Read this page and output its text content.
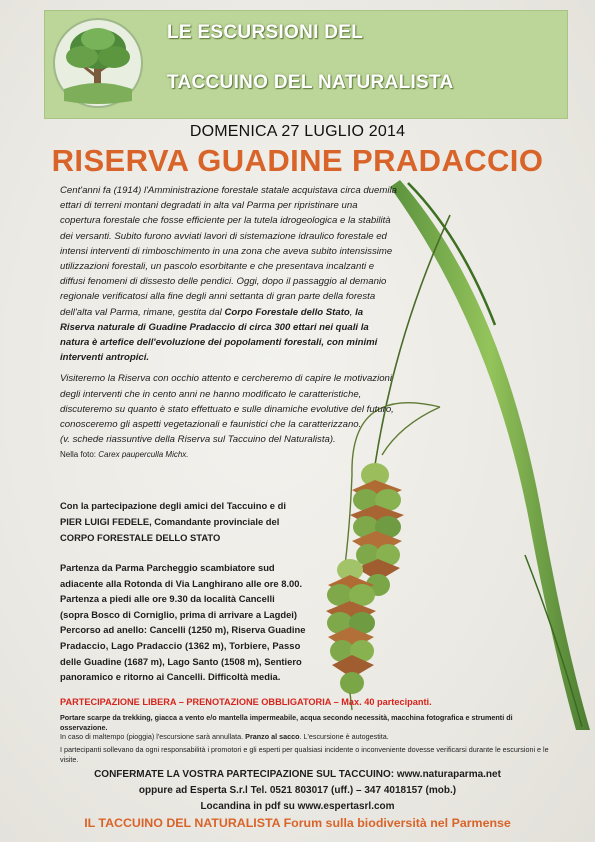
LE ESCURSIONI DEL
TACCUINO DEL NATURALISTA
DOMENICA 27 LUGLIO 2014
RISERVA GUADINE PRADACCIO

Cent'anni fa (1914) l'Amministrazione forestale statale acquistava circa duemila ettari di terreni montani degradati in alta val Parma per ripristinare una copertura forestale che fosse efficiente per la tutela idrogeologica e la stabilità dei versanti. Subito furono avviati lavori di sistemazione idraulico forestale ed intensi interventi di rimboschimento in una zona che aveva subito intensissime utilizzazioni forestali, un pascolo esorbitante e che presentava incalzanti e diffusi fenomeni di dissesto delle pendici. Oggi, dopo il passaggio al demanio regionale verificatosi alla fine degli anni settanta di gran parte della foresta dell'alta val Parma, rimane, gestita dal Corpo Forestale dello Stato, la Riserva naturale di Guadine Pradaccio di circa 300 ettari nei quali la natura è artefice dell'evoluzione dei popolamenti forestali, con minimi interventi antropici.

Visiteremo la Riserva con occhio attento e cercheremo di capire le motivazioni degli interventi che in cento anni ne hanno modificato le caratteristiche, discuteremo su quanto è stato effettuato e sulle dinamiche evolutive del futuro, conosceremo gli aspetti vegetazionali e faunistici che la caratterizzano.
(v. schede riassuntive della Riserva sul Taccuino del Naturalista).
Nella foto: Carex pauperculla Michx.

Con la partecipazione degli amici del Taccuino e di
PIER LUIGI FEDELE, Comandante provinciale del
CORPO FORESTALE DELLO STATO
Partenza da Parma Parcheggio scambiatore sud
adiacente alla Rotonda di Via Langhirano alle ore 8.00.
Partenza a piedi alle ore 9.30 da località Cancelli
(sopra Bosco di Corniglio, prima di arrivare a Lagdei)
Percorso ad anello: Cancelli (1250 m), Riserva Guadine
Pradaccio, Lago Pradaccio (1362 m), Torbiere, Passo
delle Guadine (1687 m), Lago Santo (1508 m), Sentiero
panoramico e ritorno ai Cancelli. Difficoltà media.
PARTECIPAZIONE LIBERA – PRENOTAZIONE OBBLIGATORIA – Max. 40 partecipanti.
Portare scarpe da trekking, giacca a vento e/o mantella impermeabile, acqua secondo necessità, macchina fotografica e strumenti di osservazione.
In caso di maltempo (pioggia) l'escursione sarà annullata. Pranzo al sacco. L'escursione è autogestita.
I partecipanti sollevano da ogni responsabilità i promotori e gli esperti per qualsiasi incidente o inconveniente dovesse verificarsi durante le escursioni e le visite.
CONFERMATE LA VOSTRA PARTECIPAZIONE SUL TACCUINO: www.naturaparma.net
oppure ad Esperta S.r.l Tel. 0521 803017 (uff.) – 347 4018157 (mob.)
Locandina in pdf su www.espertasrl.com
IL TACCUINO DEL NATURALISTA Forum sulla biodiversità nel Parmense
